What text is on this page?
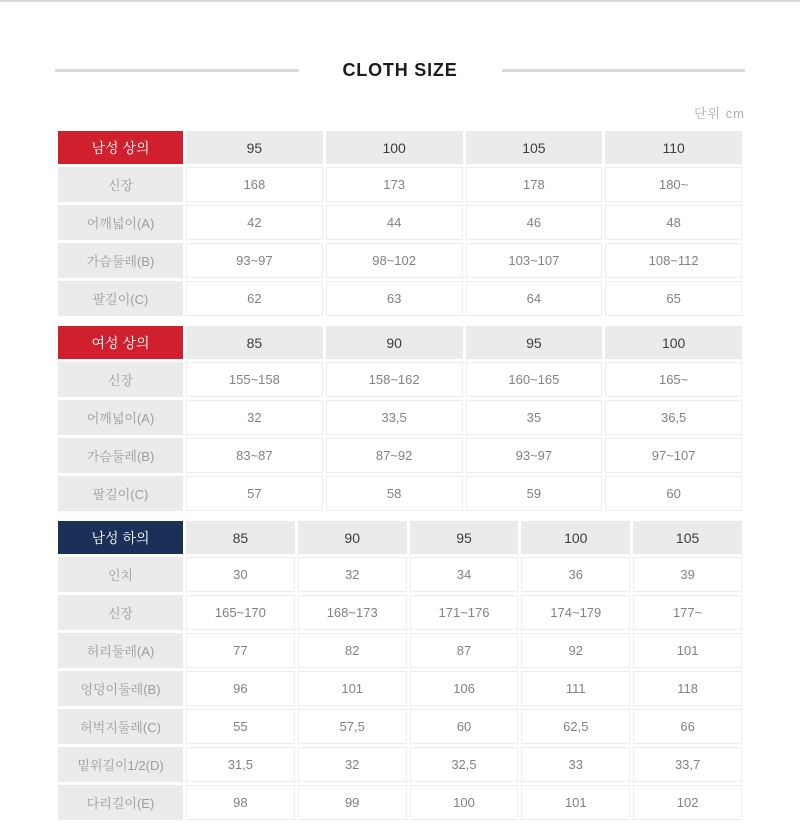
CLOTH SIZE
단위 cm
남성 상의	95	100	105	110
신장	168	173	178	180~
어깨넓이(A)	42	44	46	48
가슴둘레(B)	93~97	98~102	103~107	108~112
팔길이(C)	62	63	64	65
여성 상의	85	90	95	100
신장	155~158	158~162	160~165	165~
어깨넓이(A)	32	33,5	35	36,5
가슴둘레(B)	83~87	87~92	93~97	97~107
팔길이(C)	57	58	59	60
남성 하의	85	90	95	100	105
인치	30	32	34	36	39
신장	165~170	168~173	171~176	174~179	177~
허리둘레(A)	77	82	87	92	101
엉덩이둘레(B)	96	101	106	111	118
허벅지둘레(C)	55	57,5	60	62,5	66
밑위길이1/2(D)	31,5	32	32,5	33	33,7
다리길이(E)	98	99	100	101	102
